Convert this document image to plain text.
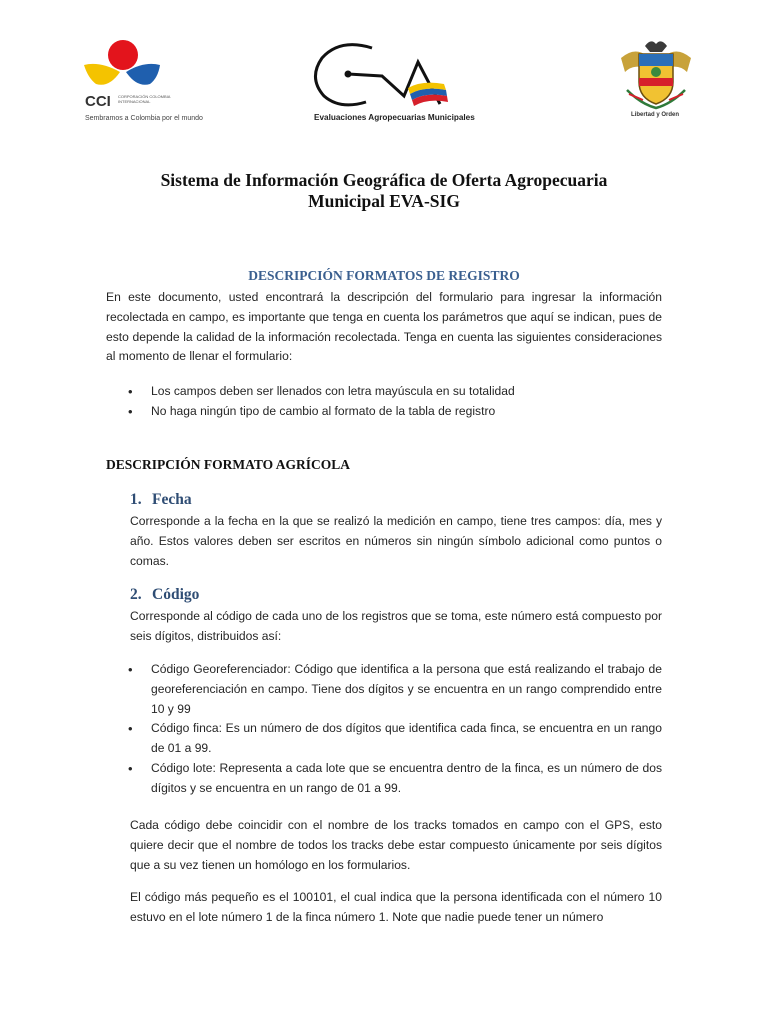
CCI CORPORACIÓN COLOMBIA INTERNACIONAL
Sembramos a Colombia por el mundo	Evaluaciones Agropecuarias Municipales	Libertad y Orden
Sistema de Información Geográfica de Oferta Agropecuaria
Municipal EVA-SIG
DESCRIPCIÓN FORMATOS DE REGISTRO
En este documento, usted encontrará la descripción del formulario para ingresar la información recolectada en campo, es importante que tenga en cuenta los parámetros que aquí se indican, pues de esto depende la calidad de la información recolectada. Tenga en cuenta las siguientes consideraciones al momento de llenar el formulario:
• Los campos deben ser llenados con letra mayúscula en su totalidad
• No haga ningún tipo de cambio al formato de la tabla de registro
DESCRIPCIÓN FORMATO AGRÍCOLA
1. Fecha
Corresponde a la fecha en la que se realizó la medición en campo, tiene tres campos: día, mes y año. Estos valores deben ser escritos en números sin ningún símbolo adicional como puntos o comas.
2. Código
Corresponde al código de cada uno de los registros que se toma, este número está compuesto por seis dígitos, distribuidos así:
• Código Georeferenciador: Código que identifica a la persona que está realizando el trabajo de georeferenciación en campo. Tiene dos dígitos y se encuentra en un rango comprendido entre 10 y 99
• Código finca: Es un número de dos dígitos que identifica cada finca, se encuentra en un rango de 01 a 99.
• Código lote: Representa a cada lote que se encuentra dentro de la finca, es un número de dos dígitos y se encuentra en un rango de 01 a 99.
Cada código debe coincidir con el nombre de los tracks tomados en campo con el GPS, esto quiere decir que el nombre de todos los tracks debe estar compuesto únicamente por seis dígitos que a su vez tienen un homólogo en los formularios.
El código más pequeño es el 100101, el cual indica que la persona identificada con el número 10 estuvo en el lote número 1 de la finca número 1. Note que nadie puede tener un número
